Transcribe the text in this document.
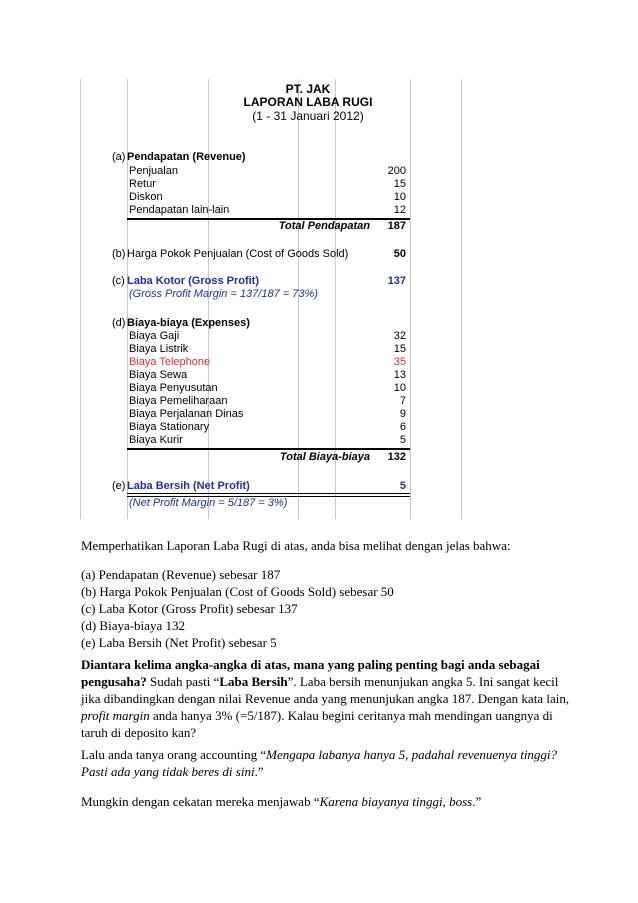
PT. JAK
LAPORAN LABA RUGI
(1 - 31 Januari 2012)
(a) Pendapatan (Revenue)
Penjualan	200
Retur	15
Diskon	10
Pendapatan lain-lain	12
Total Pendapatan	187
(b) Harga Pokok Penjualan (Cost of Goods Sold)	50
(c) Laba Kotor (Gross Profit)	137
(Gross Profit Margin = 137/187 = 73%)
(d) Biaya-biaya (Expenses)
Biaya Gaji	32
Biaya Listrik	15
Biaya Telephone	35
Biaya Sewa	13
Biaya Penyusutan	10
Biaya Pemeliharaan	7
Biaya Perjalanan Dinas	9
Biaya Stationary	6
Biaya Kurir	5
Total Biaya-biaya	132
(e) Laba Bersih (Net Profit)	5
(Net Profit Margin = 5/187 = 3%)
Memperhatikan Laporan Laba Rugi di atas, anda bisa melihat dengan jelas bahwa:
(a) Pendapatan (Revenue) sebesar 187
(b) Harga Pokok Penjualan (Cost of Goods Sold) sebesar 50
(c) Laba Kotor (Gross Profit) sebesar 137
(d) Biaya-biaya 132
(e) Laba Bersih (Net Profit) sebesar 5
Diantara kelima angka-angka di atas, mana yang paling penting bagi anda sebagai
pengusaha? Sudah pasti “Laba Bersih”. Laba bersih menunjukan angka 5. Ini sangat kecil
jika dibandingkan dengan nilai Revenue anda yang menunjukan angka 187. Dengan kata lain,
profit margin anda hanya 3% (=5/187). Kalau begini ceritanya mah mendingan uangnya di
taruh di deposito kan?
Lalu anda tanya orang accounting “Mengapa labanya hanya 5, padahal revenuenya tinggi?
Pasti ada yang tidak beres di sini.”
Mungkin dengan cekatan mereka menjawab “Karena biayanya tinggi, boss.”
